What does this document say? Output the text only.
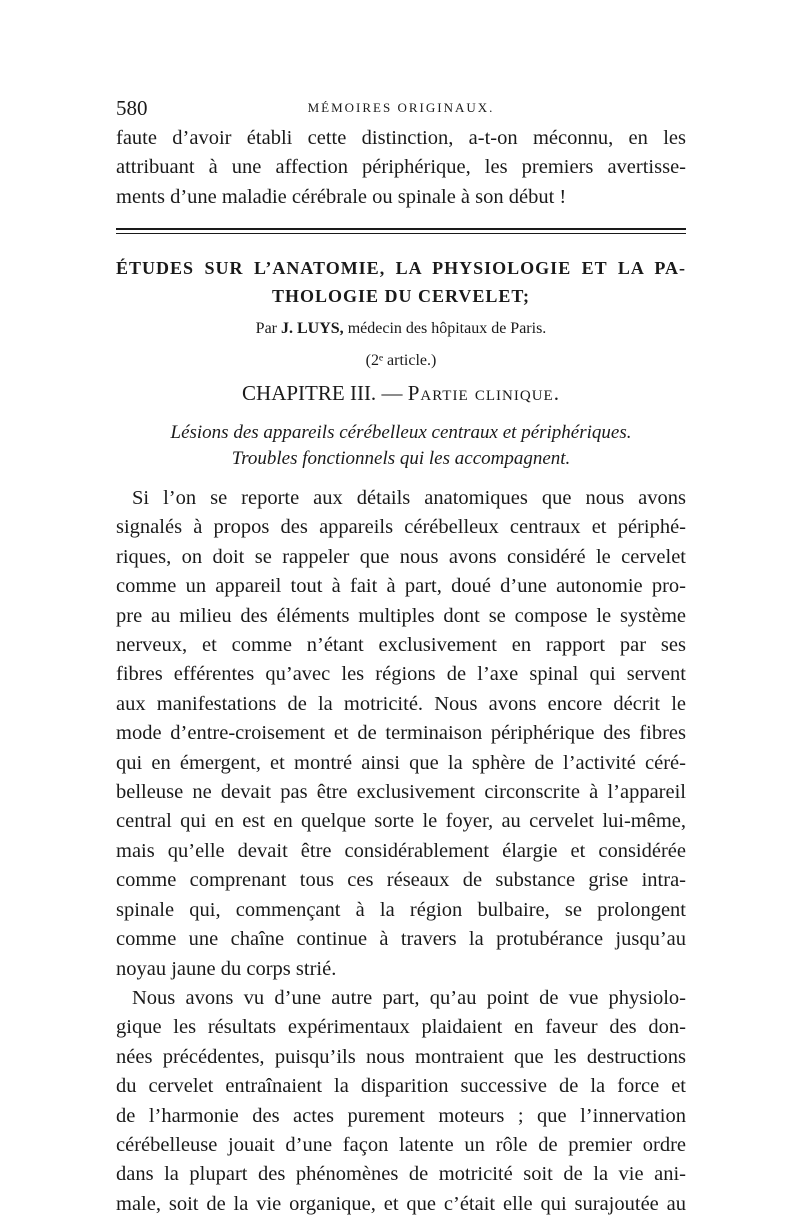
580	MÉMOIRES ORIGINAUX.
faute d’avoir établi cette distinction, a-t-on méconnu, en les
attribuant à une affection périphérique, les premiers avertisse-
ments d’une maladie cérébrale ou spinale à son début !
ÉTUDES SUR L’ANATOMIE, LA PHYSIOLOGIE ET LA PA-
THOLOGIE DU CERVELET;
Par J. LUYS, médecin des hôpitaux de Paris.
(2ᵉ article.)
CHAPITRE III. — Partie clinique.
Lésions des appareils cérébelleux centraux et périphériques.
Troubles fonctionnels qui les accompagnent.
Si l’on se reporte aux détails anatomiques que nous avons
signalés à propos des appareils cérébelleux centraux et périphé-
riques, on doit se rappeler que nous avons considéré le cervelet
comme un appareil tout à fait à part, doué d’une autonomie pro-
pre au milieu des éléments multiples dont se compose le système
nerveux, et comme n’étant exclusivement en rapport par ses
fibres efférentes qu’avec les régions de l’axe spinal qui servent
aux manifestations de la motricité. Nous avons encore décrit le
mode d’entre-croisement et de terminaison périphérique des fibres
qui en émergent, et montré ainsi que la sphère de l’activité céré-
belleuse ne devait pas être exclusivement circonscrite à l’appareil
central qui en est en quelque sorte le foyer, au cervelet lui-même,
mais qu’elle devait être considérablement élargie et considérée
comme comprenant tous ces réseaux de substance grise intra-
spinale qui, commençant à la région bulbaire, se prolongent
comme une chaîne continue à travers la protubérance jusqu’au
noyau jaune du corps strié.
Nous avons vu d’une autre part, qu’au point de vue physiolo-
gique les résultats expérimentaux plaidaient en faveur des don-
nées précédentes, puisqu’ils nous montraient que les destructions
du cervelet entraînaient la disparition successive de la force et
de l’harmonie des actes purement moteurs ; que l’innervation
cérébelleuse jouait d’une façon latente un rôle de premier ordre
dans la plupart des phénomènes de motricité soit de la vie ani-
male, soit de la vie organique, et que c’était elle qui surajoutée au
